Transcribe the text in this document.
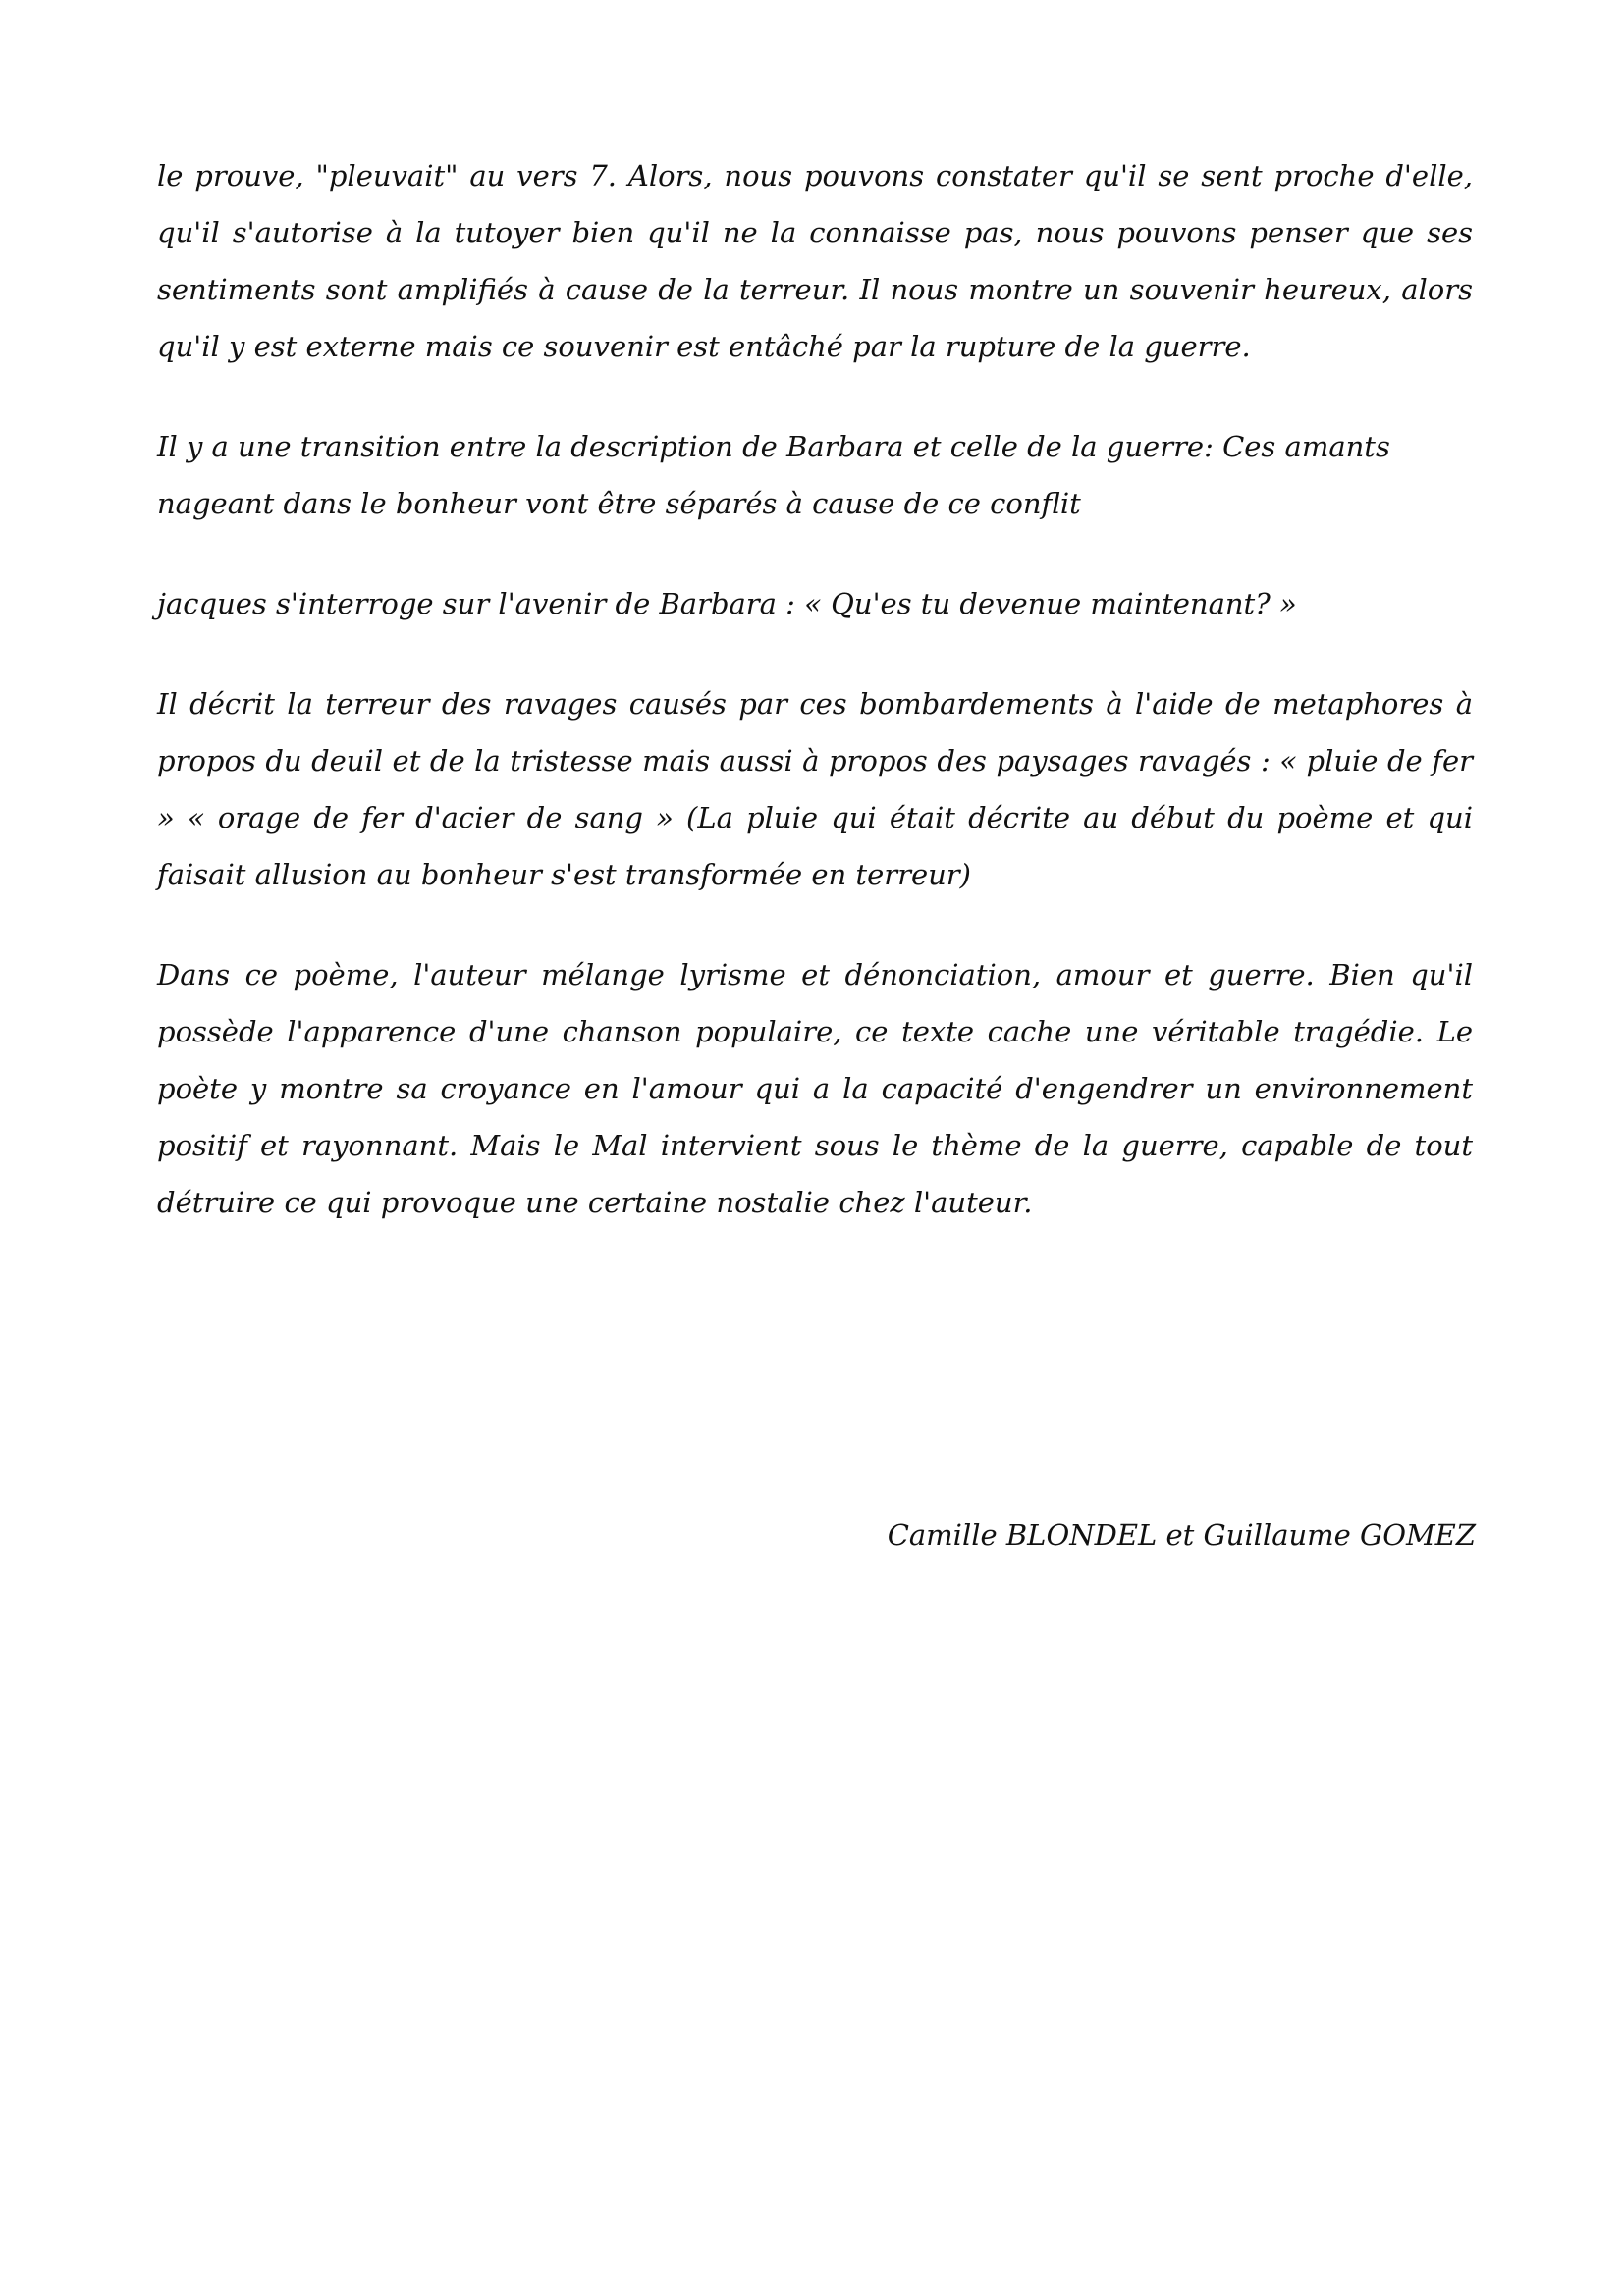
le prouve, "pleuvait" au vers 7. Alors, nous pouvons constater qu'il se sent proche d'elle, qu'il s'autorise à la tutoyer bien qu'il ne la connaisse pas, nous pouvons penser que ses sentiments sont amplifiés à cause de la terreur. Il nous montre un souvenir heureux, alors qu'il y est externe mais ce souvenir est entâché par la rupture de la guerre.

Il y a une transition entre la description de Barbara et celle de la guerre: Ces amants nageant dans le bonheur vont être séparés à cause de ce conflit

jacques s'interroge sur l'avenir de Barbara : « Qu'es tu devenue maintenant? »

Il décrit la terreur des ravages causés par ces bombardements à l'aide de metaphores à propos du deuil et de la tristesse mais aussi à propos des paysages ravagés : « pluie de fer » « orage de fer d'acier de sang » (La pluie qui était décrite au début du poème et qui faisait allusion au bonheur s'est transformée en terreur)

Dans ce poème, l'auteur mélange lyrisme et dénonciation, amour et guerre. Bien qu'il possède l'apparence d'une chanson populaire, ce texte cache une véritable tragédie. Le poète y montre sa croyance en l'amour qui a la capacité d'engendrer un environnement positif et rayonnant. Mais le Mal intervient sous le thème de la guerre, capable de tout détruire ce qui provoque une certaine nostalie chez l'auteur.

Camille BLONDEL et Guillaume GOMEZ
